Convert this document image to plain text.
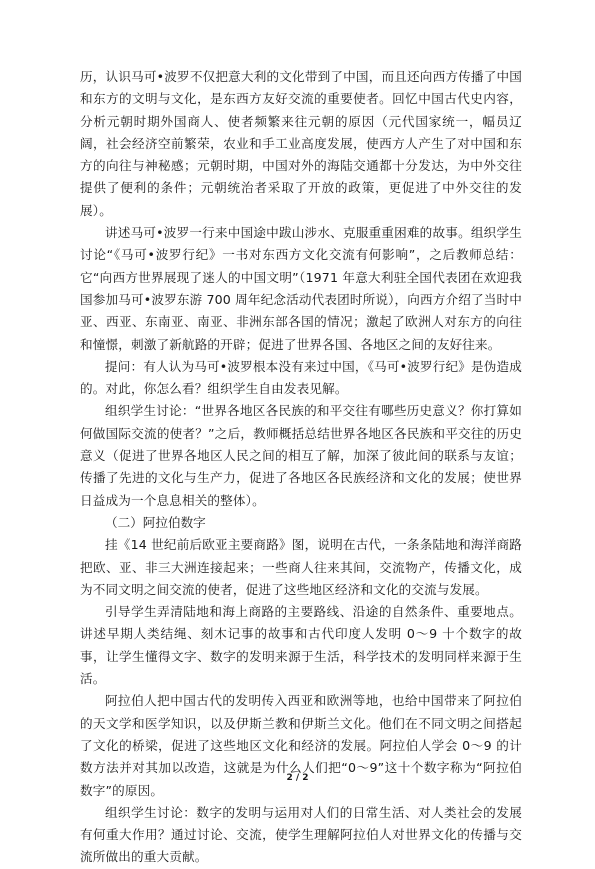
历，认识马可•波罗不仅把意大利的文化带到了中国，而且还向西方传播了中国和东方的文明与文化，是东西方友好交流的重要使者。回忆中国古代史内容，分析元朝时期外国商人、使者频繁来往元朝的原因（元代国家统一，幅员辽阔，社会经济空前繁荣，农业和手工业高度发展，使西方人产生了对中国和东方的向往与神秘感；元朝时期，中国对外的海陆交通都十分发达，为中外交往提供了便利的条件；元朝统治者采取了开放的政策，更促进了中外交往的发展）。

讲述马可•波罗一行来中国途中跋山涉水、克服重重困难的故事。组织学生讨论“《马可•波罗行纪》一书对东西方文化交流有何影响”，之后教师总结：它“向西方世界展现了迷人的中国文明”（1971 年意大利驻全国代表团在欢迎我国参加马可•波罗东游 700 周年纪念活动代表团时所说），向西方介绍了当时中亚、西亚、东南亚、南亚、非洲东部各国的情况；激起了欧洲人对东方的向往和憧憬，刺激了新航路的开辟；促进了世界各国、各地区之间的友好往来。

提问：有人认为马可•波罗根本没有来过中国，《马可•波罗行纪》是伪造成的。对此，你怎么看？组织学生自由发表见解。

组织学生讨论：“世界各地区各民族的和平交往有哪些历史意义？你打算如何做国际交流的使者？”之后，教师概括总结世界各地区各民族和平交往的历史意义（促进了世界各地区人民之间的相互了解，加深了彼此间的联系与友谊；传播了先进的文化与生产力，促进了各地区各民族经济和文化的发展；使世界日益成为一个息息相关的整体）。

（二）阿拉伯数字

挂《14 世纪前后欧亚主要商路》图，说明在古代，一条条陆地和海洋商路把欧、亚、非三大洲连接起来；一些商人往来其间，交流物产，传播文化，成为不同文明之间交流的使者，促进了这些地区经济和文化的交流与发展。

引导学生弄清陆地和海上商路的主要路线、沿途的自然条件、重要地点。讲述早期人类结绳、刻木记事的故事和古代印度人发明 0～9 十个数字的故事，让学生懂得文字、数字的发明来源于生活，科学技术的发明同样来源于生活。

阿拉伯人把中国古代的发明传入西亚和欧洲等地，也给中国带来了阿拉伯的天文学和医学知识，以及伊斯兰教和伊斯兰文化。他们在不同文明之间搭起了文化的桥梁，促进了这些地区文化和经济的发展。阿拉伯人学会 0～9 的计数方法并对其加以改造，这就是为什么人们把“0～9”这十个数字称为“阿拉伯数字”的原因。

组织学生讨论：数字的发明与运用对人们的日常生活、对人类社会的发展有何重大作用？通过讨论、交流，使学生理解阿拉伯人对世界文化的传播与交流所做出的重大贡献。

2 / 2
